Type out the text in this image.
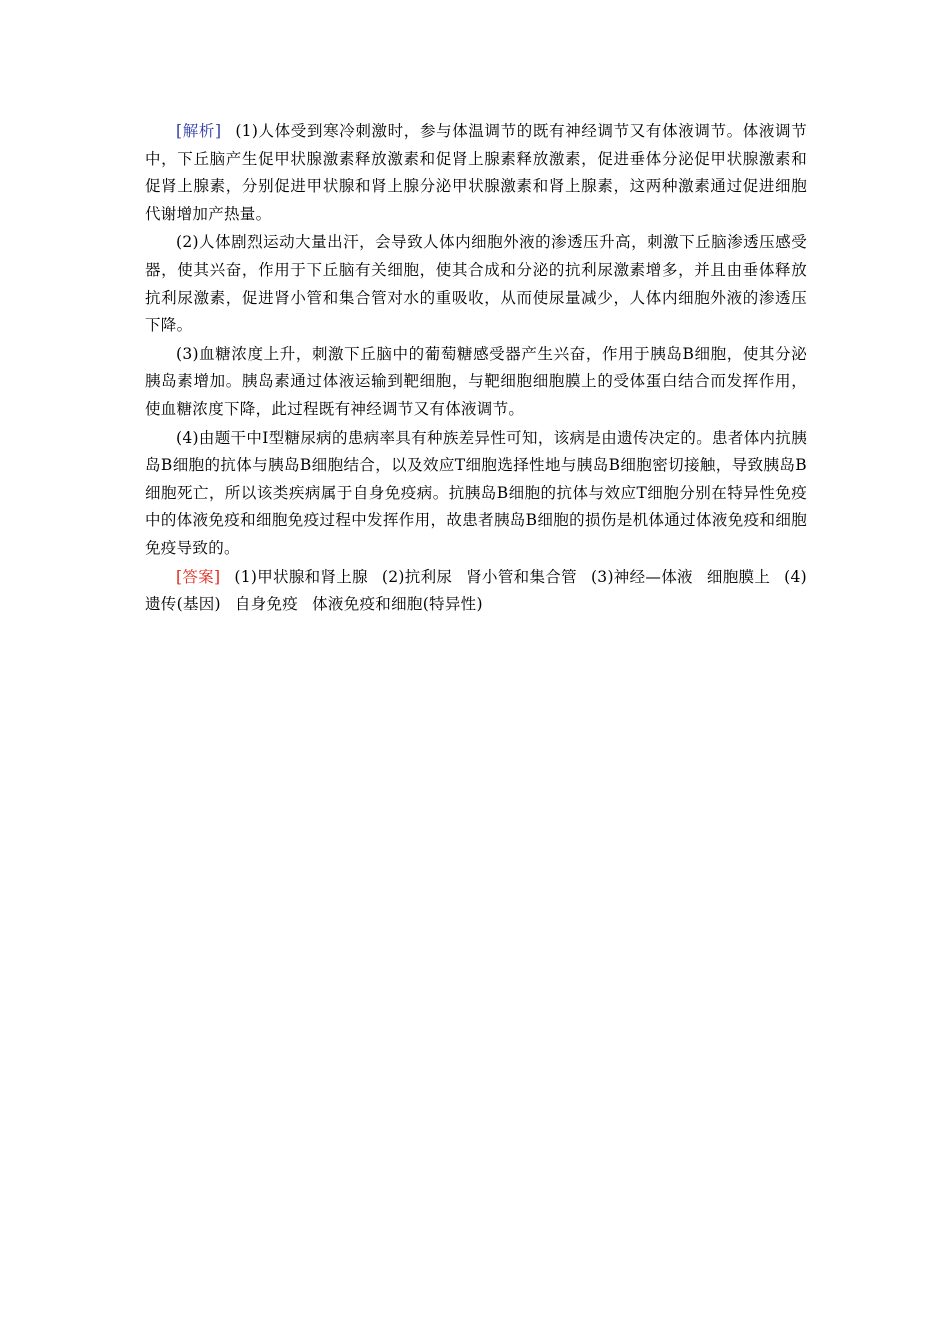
[解析] (1)人体受到寒冷刺激时，参与体温调节的既有神经调节又有体液调节。体液调节中，下丘脑产生促甲状腺激素释放激素和促肾上腺素释放激素，促进垂体分泌促甲状腺激素和促肾上腺素，分别促进甲状腺和肾上腺分泌甲状腺激素和肾上腺素，这两种激素通过促进细胞代谢增加产热量。

(2)人体剧烈运动大量出汗，会导致人体内细胞外液的渗透压升高，刺激下丘脑渗透压感受器，使其兴奋，作用于下丘脑有关细胞，使其合成和分泌的抗利尿激素增多，并且由垂体释放抗利尿激素，促进肾小管和集合管对水的重吸收，从而使尿量减少，人体内细胞外液的渗透压下降。

(3)血糖浓度上升，刺激下丘脑中的葡萄糖感受器产生兴奋，作用于胰岛B细胞，使其分泌胰岛素增加。胰岛素通过体液运输到靶细胞，与靶细胞细胞膜上的受体蛋白结合而发挥作用，使血糖浓度下降，此过程既有神经调节又有体液调节。

(4)由题干中Ⅰ型糖尿病的患病率具有种族差异性可知，该病是由遗传决定的。患者体内抗胰岛B细胞的抗体与胰岛B细胞结合，以及效应T细胞选择性地与胰岛B细胞密切接触，导致胰岛B细胞死亡，所以该类疾病属于自身免疫病。抗胰岛B细胞的抗体与效应T细胞分别在特异性免疫中的体液免疫和细胞免疫过程中发挥作用，故患者胰岛B细胞的损伤是机体通过体液免疫和细胞免疫导致的。

[答案] (1)甲状腺和肾上腺 (2)抗利尿 肾小管和集合管 (3)神经—体液 细胞膜上 (4)遗传(基因) 自身免疫 体液免疫和细胞(特异性)
